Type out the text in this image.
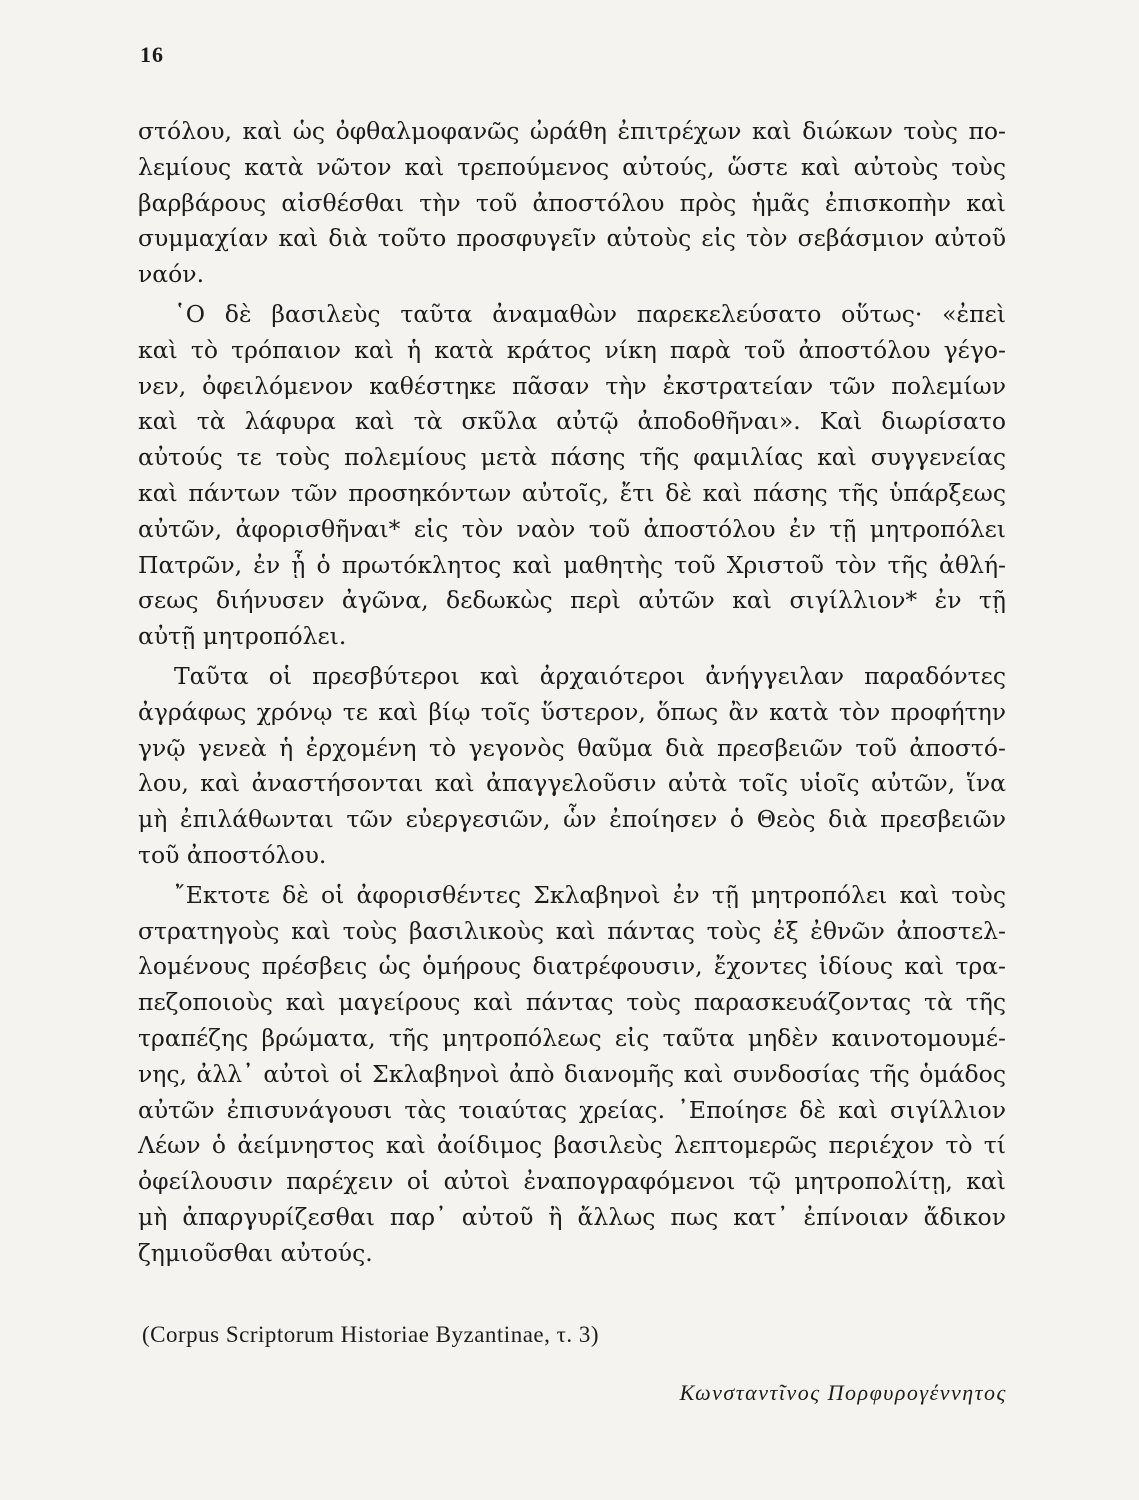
16
στόλου, καὶ ὡς ὀφθαλμοφανῶς ὠράθη ἐπιτρέχων καὶ διώκων τοὺς πο-
λεμίους κατὰ νῶτον καὶ τρεπούμενος αὐτούς, ὥστε καὶ αὐτοὺς τοὺς
βαρβάρους αἰσθέσθαι τὴν τοῦ ἀποστόλου πρὸς ἡμᾶς ἐπισκοπὴν καὶ
συμμαχίαν καὶ διὰ τοῦτο προσφυγεῖν αὐτοὺς εἰς τὸν σεβάσμιον αὐτοῦ
ναόν.
῾Ο δὲ βασιλεὺς ταῦτα ἀναμαθὼν παρεκελεύσατο οὕτως· «ἐπεὶ
καὶ τὸ τρόπαιον καὶ ἡ κατὰ κράτος νίκη παρὰ τοῦ ἀποστόλου γέγο-
νεν, ὀφειλόμενον καθέστηκε πᾶσαν τὴν ἐκστρατείαν τῶν πολεμίων
καὶ τὰ λάφυρα καὶ τὰ σκῦλα αὐτῷ ἀποδοθῆναι». Καὶ διωρίσατο
αὐτούς τε τοὺς πολεμίους μετὰ πάσης τῆς φαμιλίας καὶ συγγενείας
καὶ πάντων τῶν προσηκόντων αὐτοῖς, ἔτι δὲ καὶ πάσης τῆς ὑπάρξεως
αὐτῶν, ἀφορισθῆναι* εἰς τὸν ναὸν τοῦ ἀποστόλου ἐν τῇ μητροπόλει
Πατρῶν, ἐν ᾗ ὁ πρωτόκλητος καὶ μαθητὴς τοῦ Χριστοῦ τὸν τῆς ἀθλή-
σεως διήνυσεν ἀγῶνα, δεδωκὼς περὶ αὐτῶν καὶ σιγίλλιον* ἐν τῇ
αὐτῇ μητροπόλει.
Ταῦτα οἱ πρεσβύτεροι καὶ ἀρχαιότεροι ἀνήγγειλαν παραδόντες
ἀγράφως χρόνῳ τε καὶ βίῳ τοῖς ὕστερον, ὅπως ἂν κατὰ τὸν προφήτην
γνῷ γενεὰ ἡ ἐρχομένη τὸ γεγονὸς θαῦμα διὰ πρεσβειῶν τοῦ ἀποστό-
λου, καὶ ἀναστήσονται καὶ ἀπαγγελοῦσιν αὐτὰ τοῖς υἱοῖς αὐτῶν, ἵνα
μὴ ἐπιλάθωνται τῶν εὐεργεσιῶν, ὧν ἐποίησεν ὁ Θεὸς διὰ πρεσβειῶν
τοῦ ἀποστόλου.
῎Εκτοτε δὲ οἱ ἀφορισθέντες Σκλαβηνοὶ ἐν τῇ μητροπόλει καὶ τοὺς
στρατηγοὺς καὶ τοὺς βασιλικοὺς καὶ πάντας τοὺς ἐξ ἐθνῶν ἀποστελ-
λομένους πρέσβεις ὡς ὁμήρους διατρέφουσιν, ἔχοντες ἰδίους καὶ τρα-
πεζοποιοὺς καὶ μαγείρους καὶ πάντας τοὺς παρασκευάζοντας τὰ τῆς
τραπέζης βρώματα, τῆς μητροπόλεως εἰς ταῦτα μηδὲν καινοτομουμέ-
νης, ἀλλ᾽ αὐτοὶ οἱ Σκλαβηνοὶ ἀπὸ διανομῆς καὶ συνδοσίας τῆς ὁμάδος
αὐτῶν ἐπισυνάγουσι τὰς τοιαύτας χρείας. ᾽Εποίησε δὲ καὶ σιγίλλιον
Λέων ὁ ἀείμνηστος καὶ ἀοίδιμος βασιλεὺς λεπτομερῶς περιέχον τὸ τί
ὀφείλουσιν παρέχειν οἱ αὐτοὶ ἐναπογραφόμενοι τῷ μητροπολίτῃ, καὶ
μὴ ἀπαργυρίζεσθαι παρ᾽ αὐτοῦ ἢ ἄλλως πως κατ᾽ ἐπίνοιαν ἄδικον
ζημιοῦσθαι αὐτούς.
(Corpus Scriptorum Historiae Byzantinae, τ. 3)
Κωνσταντῖνος Πορφυρογέννητος
